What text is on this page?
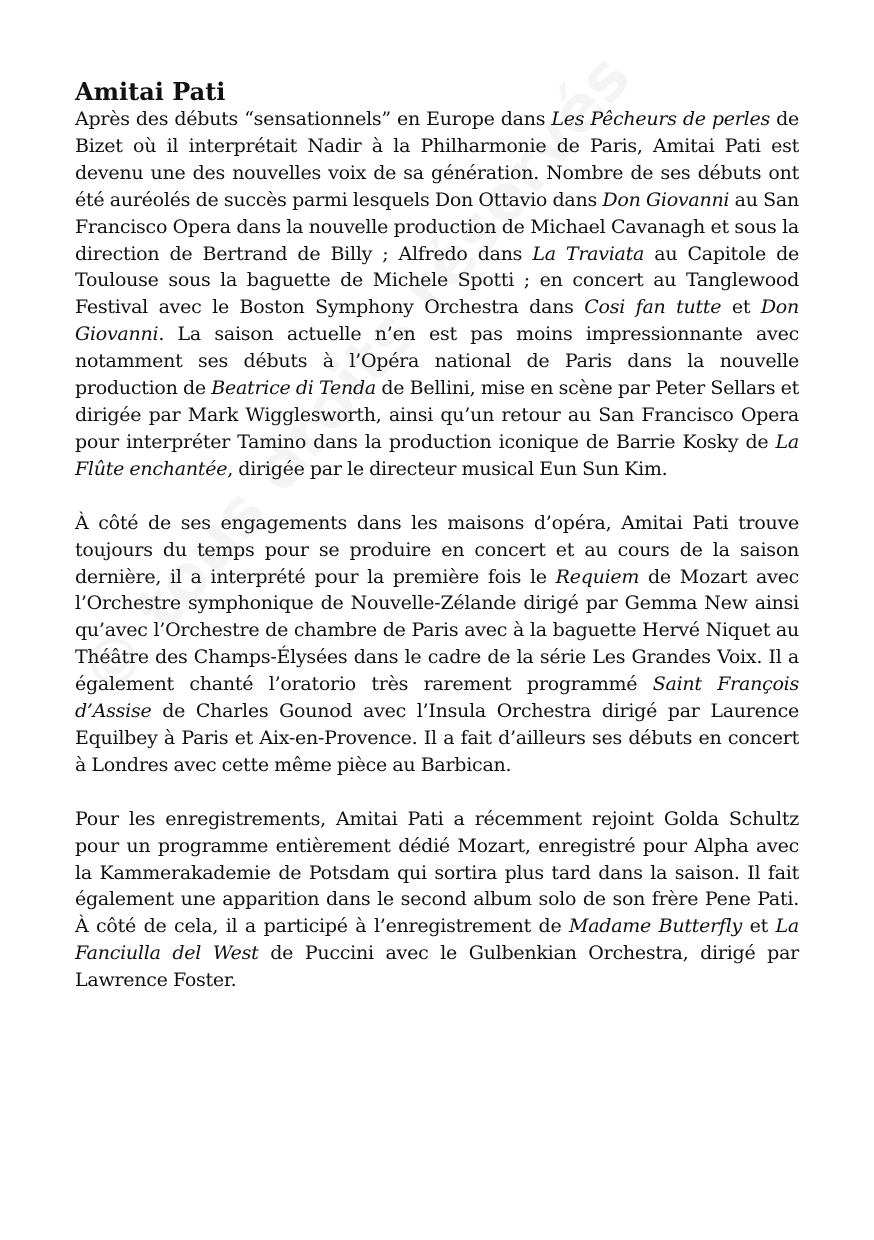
Amitai Pati

Après des débuts “sensationnels” en Europe dans Les Pêcheurs de perles de Bizet où il interprétait Nadir à la Philharmonie de Paris, Amitai Pati est devenu une des nouvelles voix de sa génération. Nombre de ses débuts ont été auréolés de succès parmi lesquels Don Ottavio dans Don Giovanni au San Francisco Opera dans la nouvelle production de Michael Cavanagh et sous la direction de Bertrand de Billy ; Alfredo dans La Traviata au Capitole de Toulouse sous la baguette de Michele Spotti ; en concert au Tanglewood Festival avec le Boston Symphony Orchestra dans Cosi fan tutte et Don Giovanni. La saison actuelle n’en est pas moins impressionnante avec notamment ses débuts à l’Opéra national de Paris dans la nouvelle production de Beatrice di Tenda de Bellini, mise en scène par Peter Sellars et dirigée par Mark Wigglesworth, ainsi qu’un retour au San Francisco Opera pour interpréter Tamino dans la production iconique de Barrie Kosky de La Flûte enchantée, dirigée par le directeur musical Eun Sun Kim.

À côté de ses engagements dans les maisons d’opéra, Amitai Pati trouve toujours du temps pour se produire en concert et au cours de la saison dernière, il a interprété pour la première fois le Requiem de Mozart avec l’Orchestre symphonique de Nouvelle-Zélande dirigé par Gemma New ainsi qu’avec l’Orchestre de chambre de Paris avec à la baguette Hervé Niquet au Théâtre des Champs-Élysées dans le cadre de la série Les Grandes Voix. Il a également chanté l’oratorio très rarement programmé Saint François d’Assise de Charles Gounod avec l’Insula Orchestra dirigé par Laurence Equilbey à Paris et Aix-en-Provence. Il a fait d’ailleurs ses débuts en concert à Londres avec cette même pièce au Barbican.

Pour les enregistrements, Amitai Pati a récemment rejoint Golda Schultz pour un programme entièrement dédié Mozart, enregistré pour Alpha avec la Kammerakademie de Potsdam qui sortira plus tard dans la saison. Il fait également une apparition dans le second album solo de son frère Pene Pati. À côté de cela, il a participé à l’enregistrement de Madame Butterfly et La Fanciulla del West de Puccini avec le Gulbenkian Orchestra, dirigé par Lawrence Foster.
